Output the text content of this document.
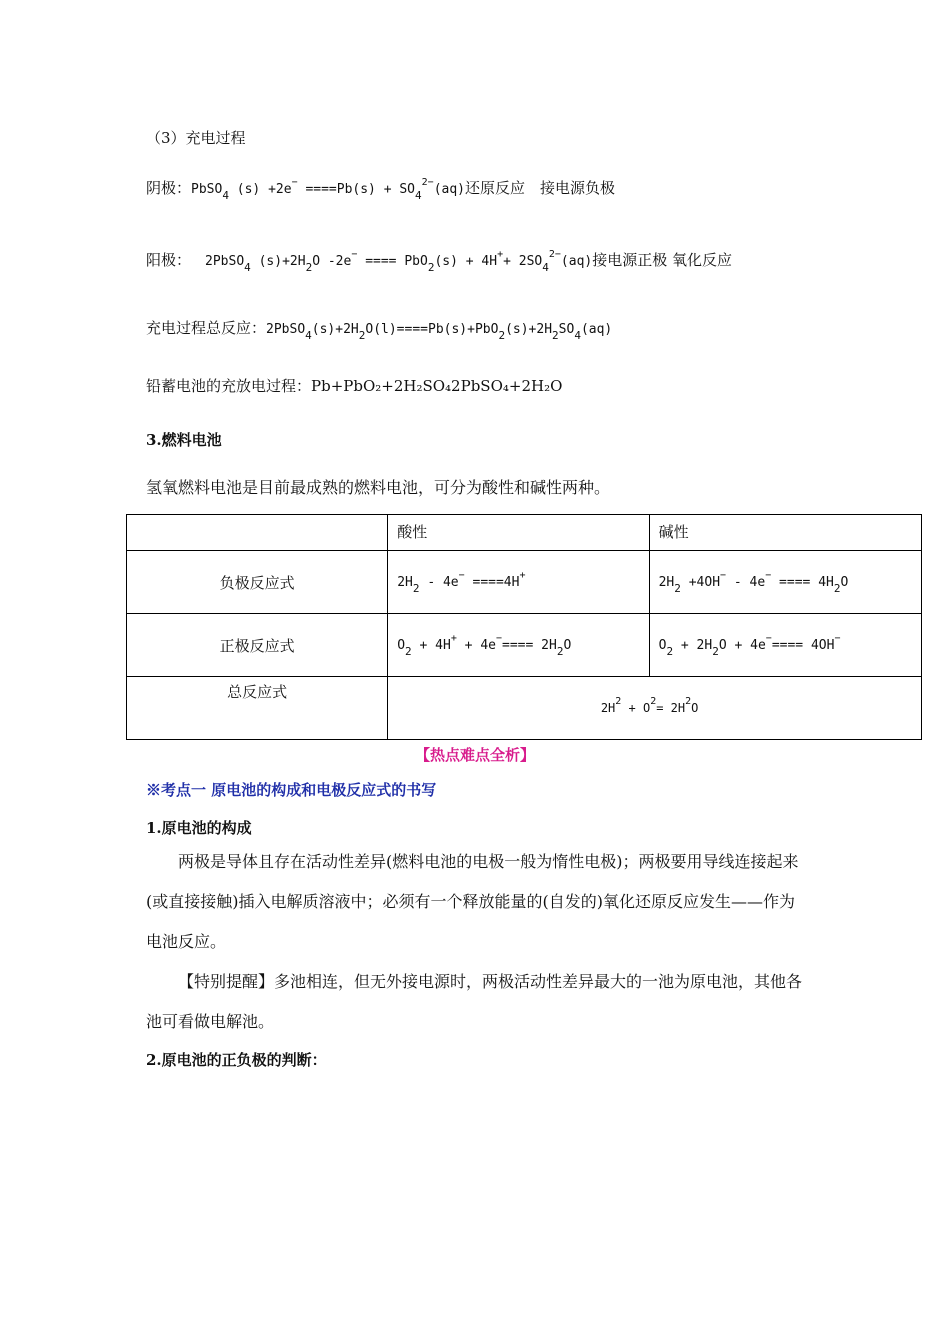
（3）充电过程
阴极：PbSO$_4$ $(s) +2e^- ====Pb(s) + SO_4^{2-}(aq)$还原反应　接电源负极
阳极： 2PbSO$_4$ $(s)+2H_2O$ -2e− ==== $PbO_2(s) + 4H^++ 2SO_4^{2-}(aq)$接电源正极 氧化反应
充电过程总反应：$2PbSO_4(s)+2H_2O(l)====Pb(s)+PbO_2(s)+2H_2SO_4(aq)$
铅蓄电池的充放电过程：Pb+PbO₂+2H₂SO₄2PbSO₄+2H₂O
3.燃料电池
氢氧燃料电池是目前最成熟的燃料电池，可分为酸性和碱性两种。

	酸性	碱性

负极反应式	$2H_2 - 4e^- ====4H^+$	$2H_2 +4OH^- - 4e^-$ ==== $4H_2O$

正极反应式	$O_2 + 4H^+ + 4e^-==== 2H_2O$	$O_2 + 2H_2O + 4e^-==== 4OH^-$

总反应式	$2H^2 + O^2= 2H^2O$	
【热点难点全析】
※考点一 原电池的构成和电极反应式的书写
1.原电池的构成
两极是导体且存在活动性差异(燃料电池的电极一般为惰性电极)；两极要用导线连接起来(或直接接触)插入电解质溶液中；必须有一个释放能量的(自发的)氧化还原反应发生——作为电池反应。
【特别提醒】多池相连，但无外接电源时，两极活动性差异最大的一池为原电池，其他各池可看做电解池。
2.原电池的正负极的判断：
